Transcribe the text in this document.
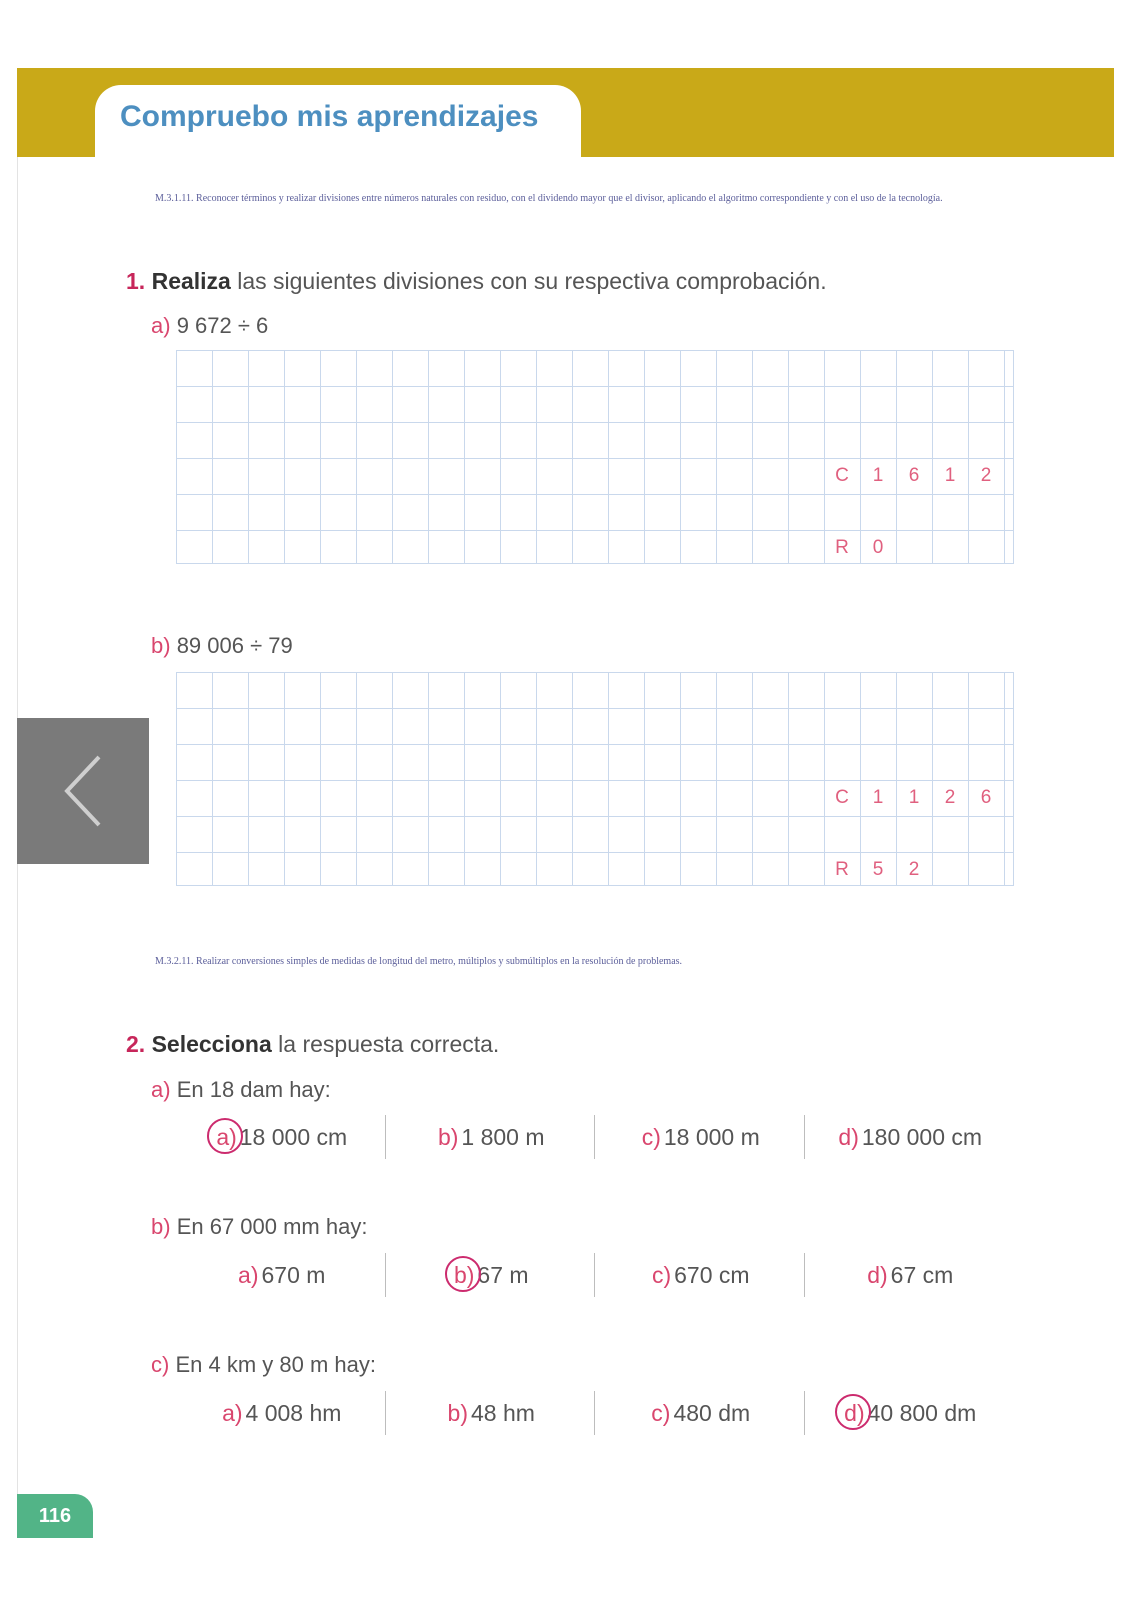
Compruebo mis aprendizajes
M.3.1.11. Reconocer términos y realizar divisiones entre números naturales con residuo, con el dividendo mayor que el divisor, aplicando el algoritmo correspondiente y con el uso de la tecnología.
1. Realiza las siguientes divisiones con su respectiva comprobación.
a) 9 672 ÷ 6
C	1	6	1	2
R	0
b) 89 006 ÷ 79
C	1	1	2	6
R	5	2
M.3.2.11. Realizar conversiones simples de medidas de longitud del metro, múltiplos y submúltiplos en la resolución de problemas.
2. Selecciona la respuesta correcta.
a) En 18 dam hay:
a) 18 000 cm	b) 1 800 m	c) 18 000 m	d) 180 000 cm
b) En 67 000 mm hay:
a) 670 m	b) 67 m	c) 670 cm	d) 67 cm
c) En 4 km y 80 m hay:
a) 4 008 hm	b) 48 hm	c) 480 dm	d) 40 800 dm
116
